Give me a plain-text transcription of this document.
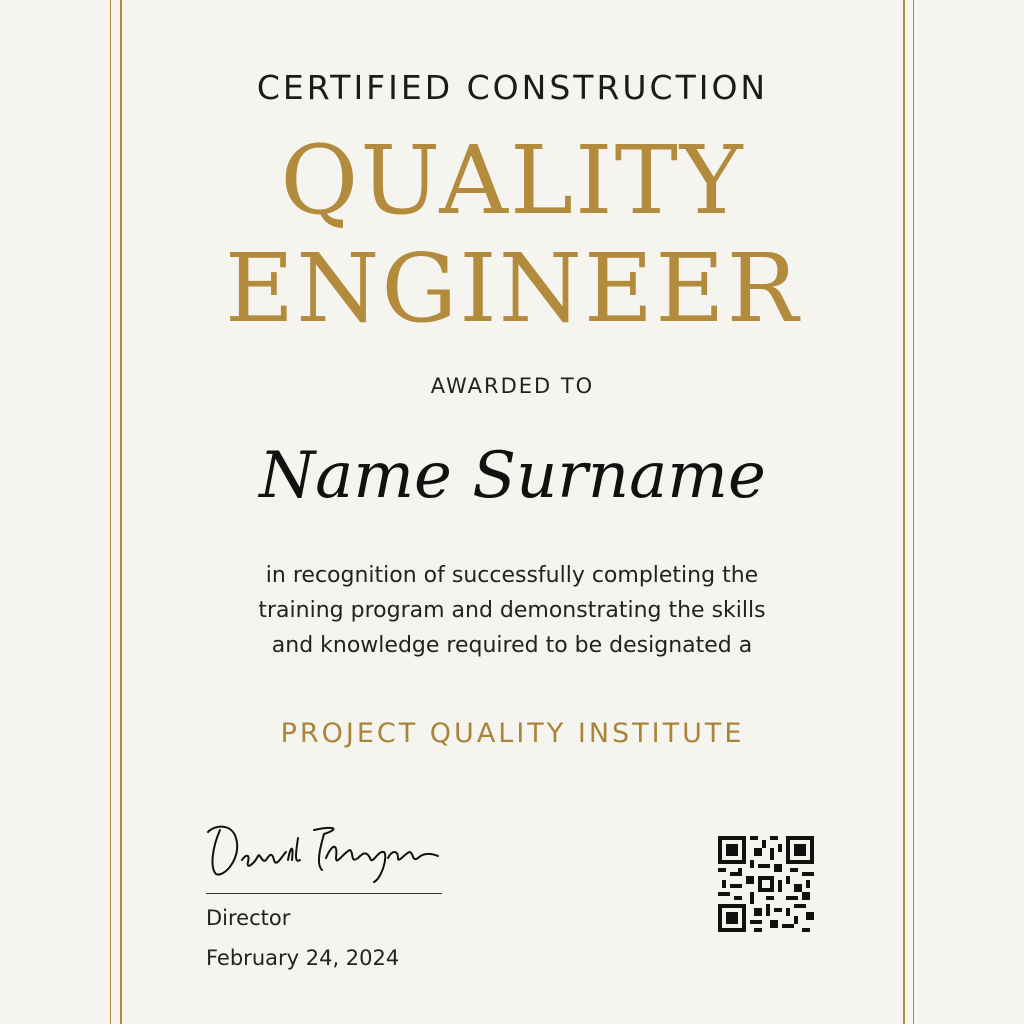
CERTIFIED CONSTRUCTION
QUALITY
ENGINEER
AWARDED TO
Name Surname
in recognition of successfully completing the
training program and demonstrating the skills
and knowledge required to be designated a
PROJECT QUALITY INSTITUTE
Director
February 24, 2024
